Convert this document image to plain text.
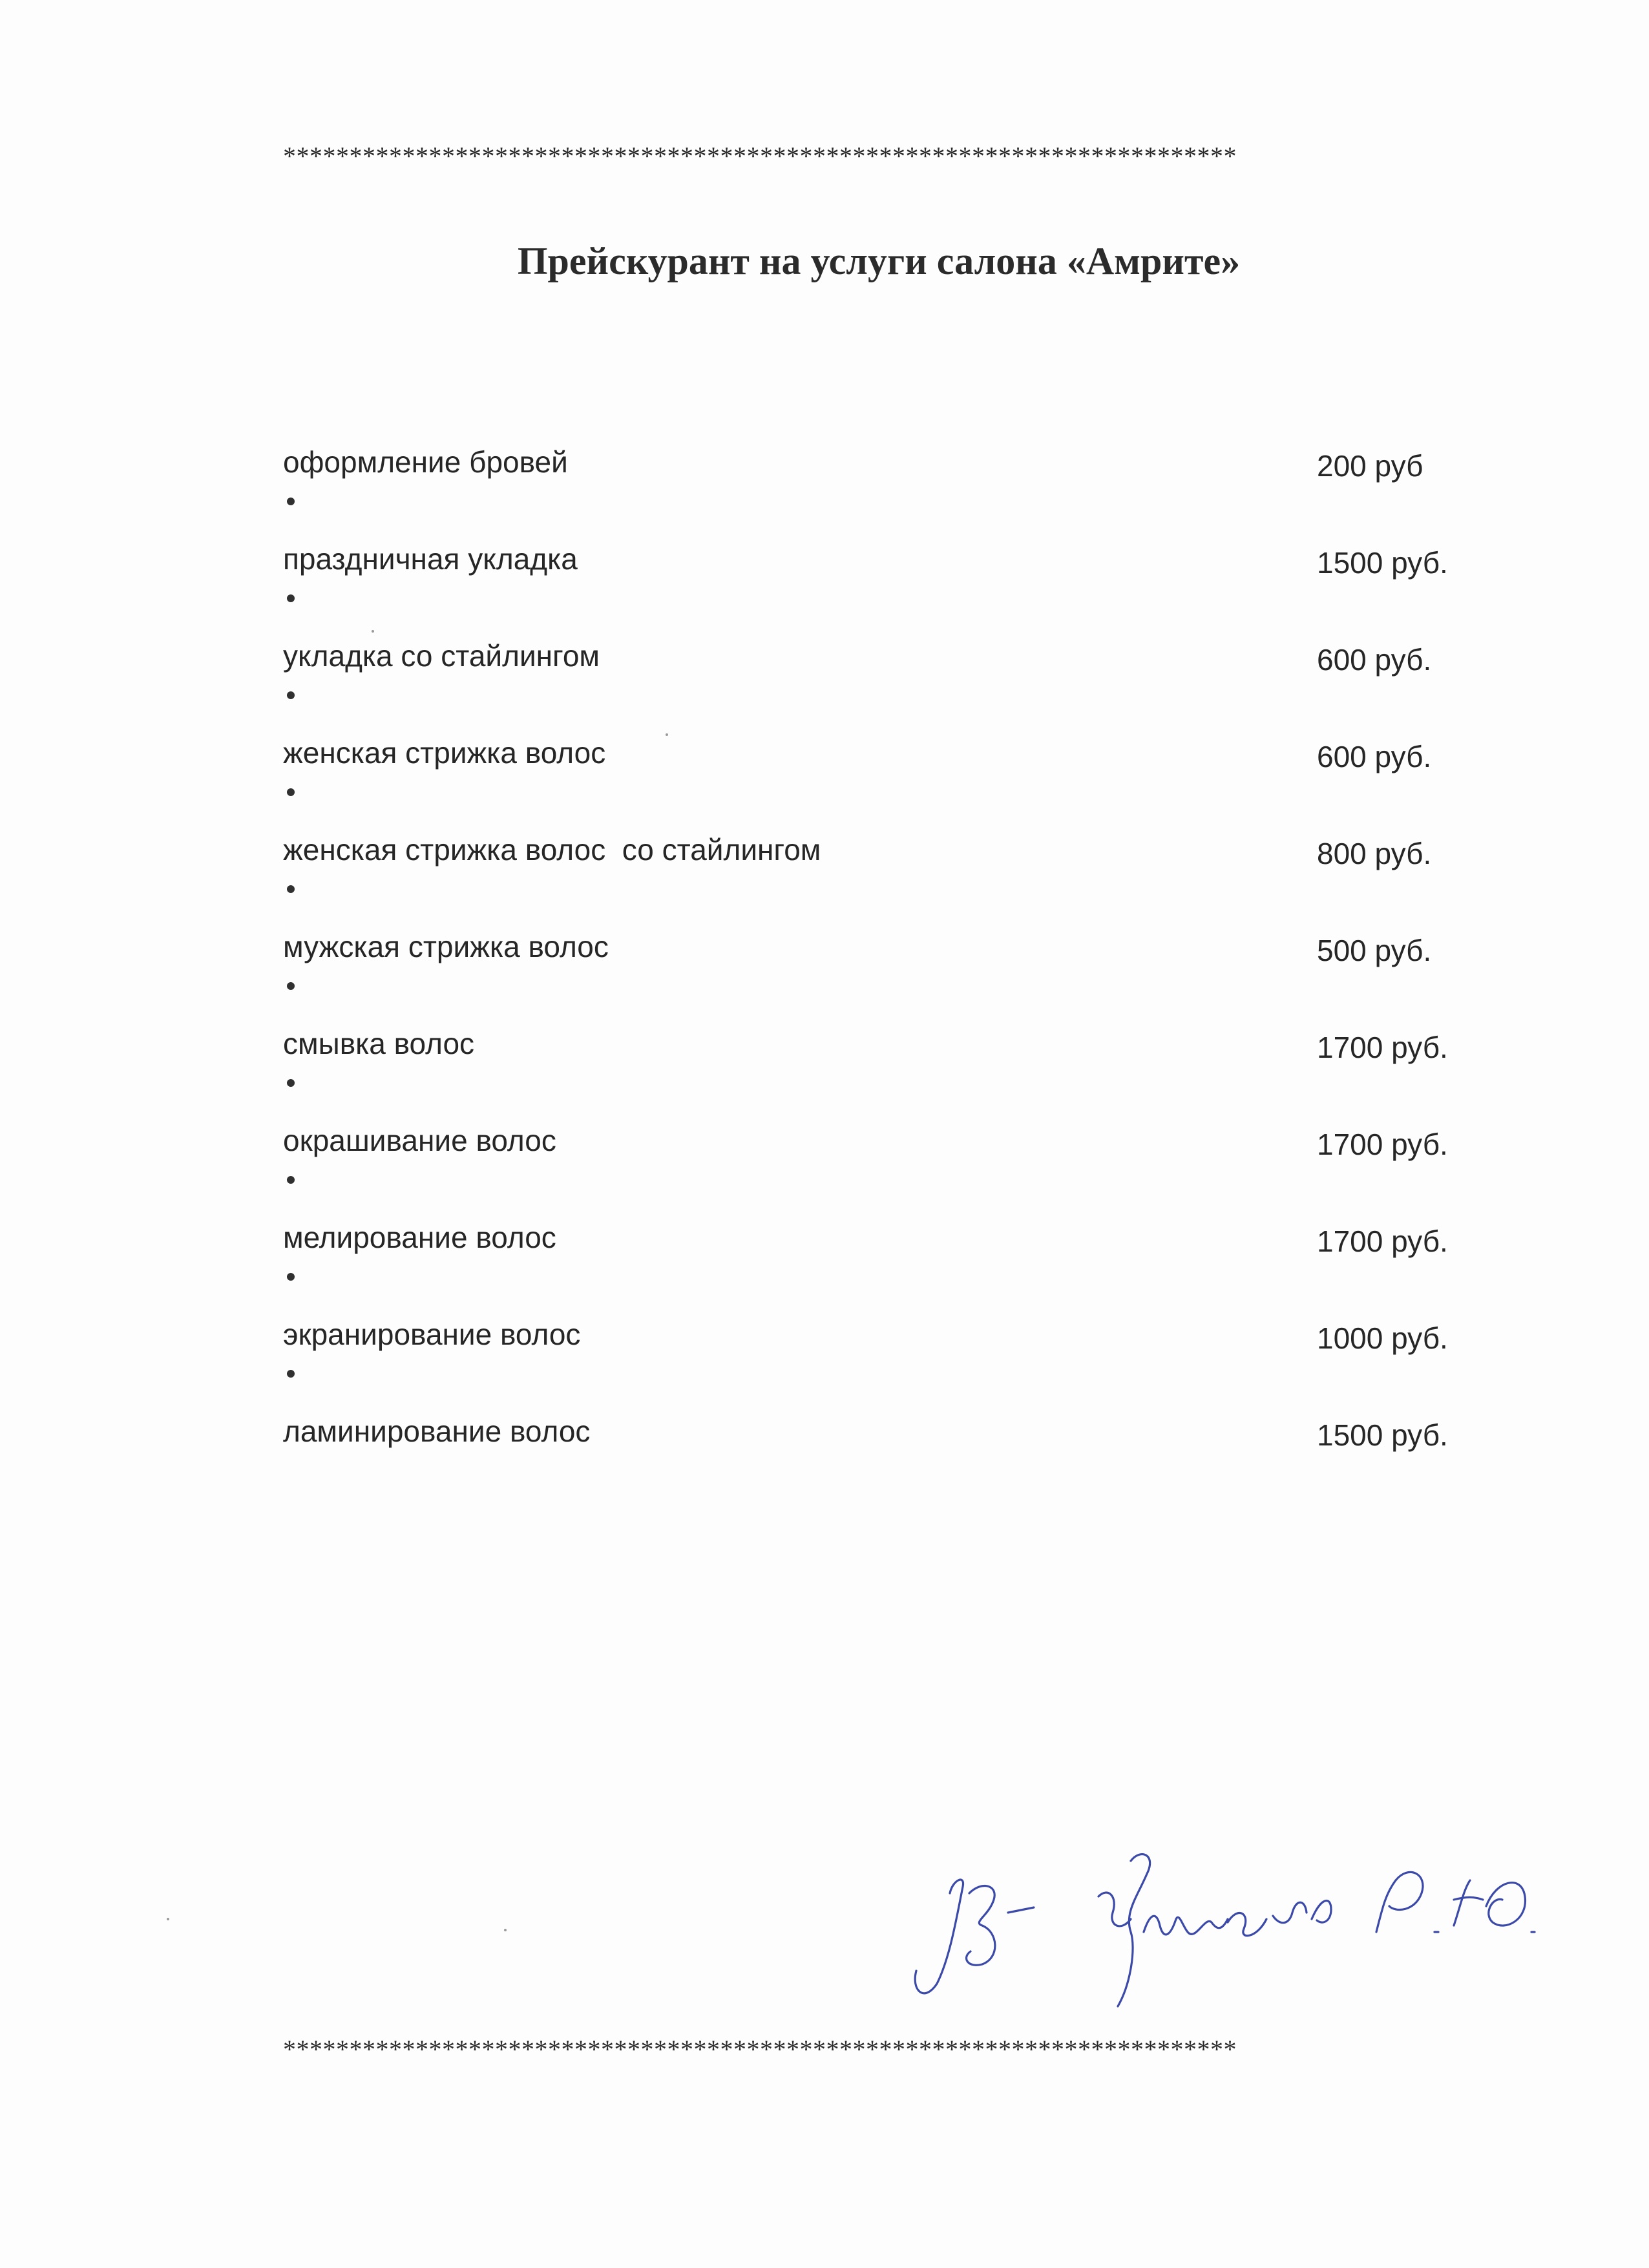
************************************************************************
Прейскурант на услуги салона «Амрите»
оформление бровей	200 руб
праздничная укладка	1500 руб.
укладка со стайлингом	600 руб.
женская стрижка волос	600 руб.
женская стрижка волос  со стайлингом	800 руб.
мужская стрижка волос	500 руб.
смывка волос	1700 руб.
окрашивание волос	1700 руб.
мелирование волос	1700 руб.
экранирование волос	1000 руб.
ламинирование волос	1500 руб.
************************************************************************
